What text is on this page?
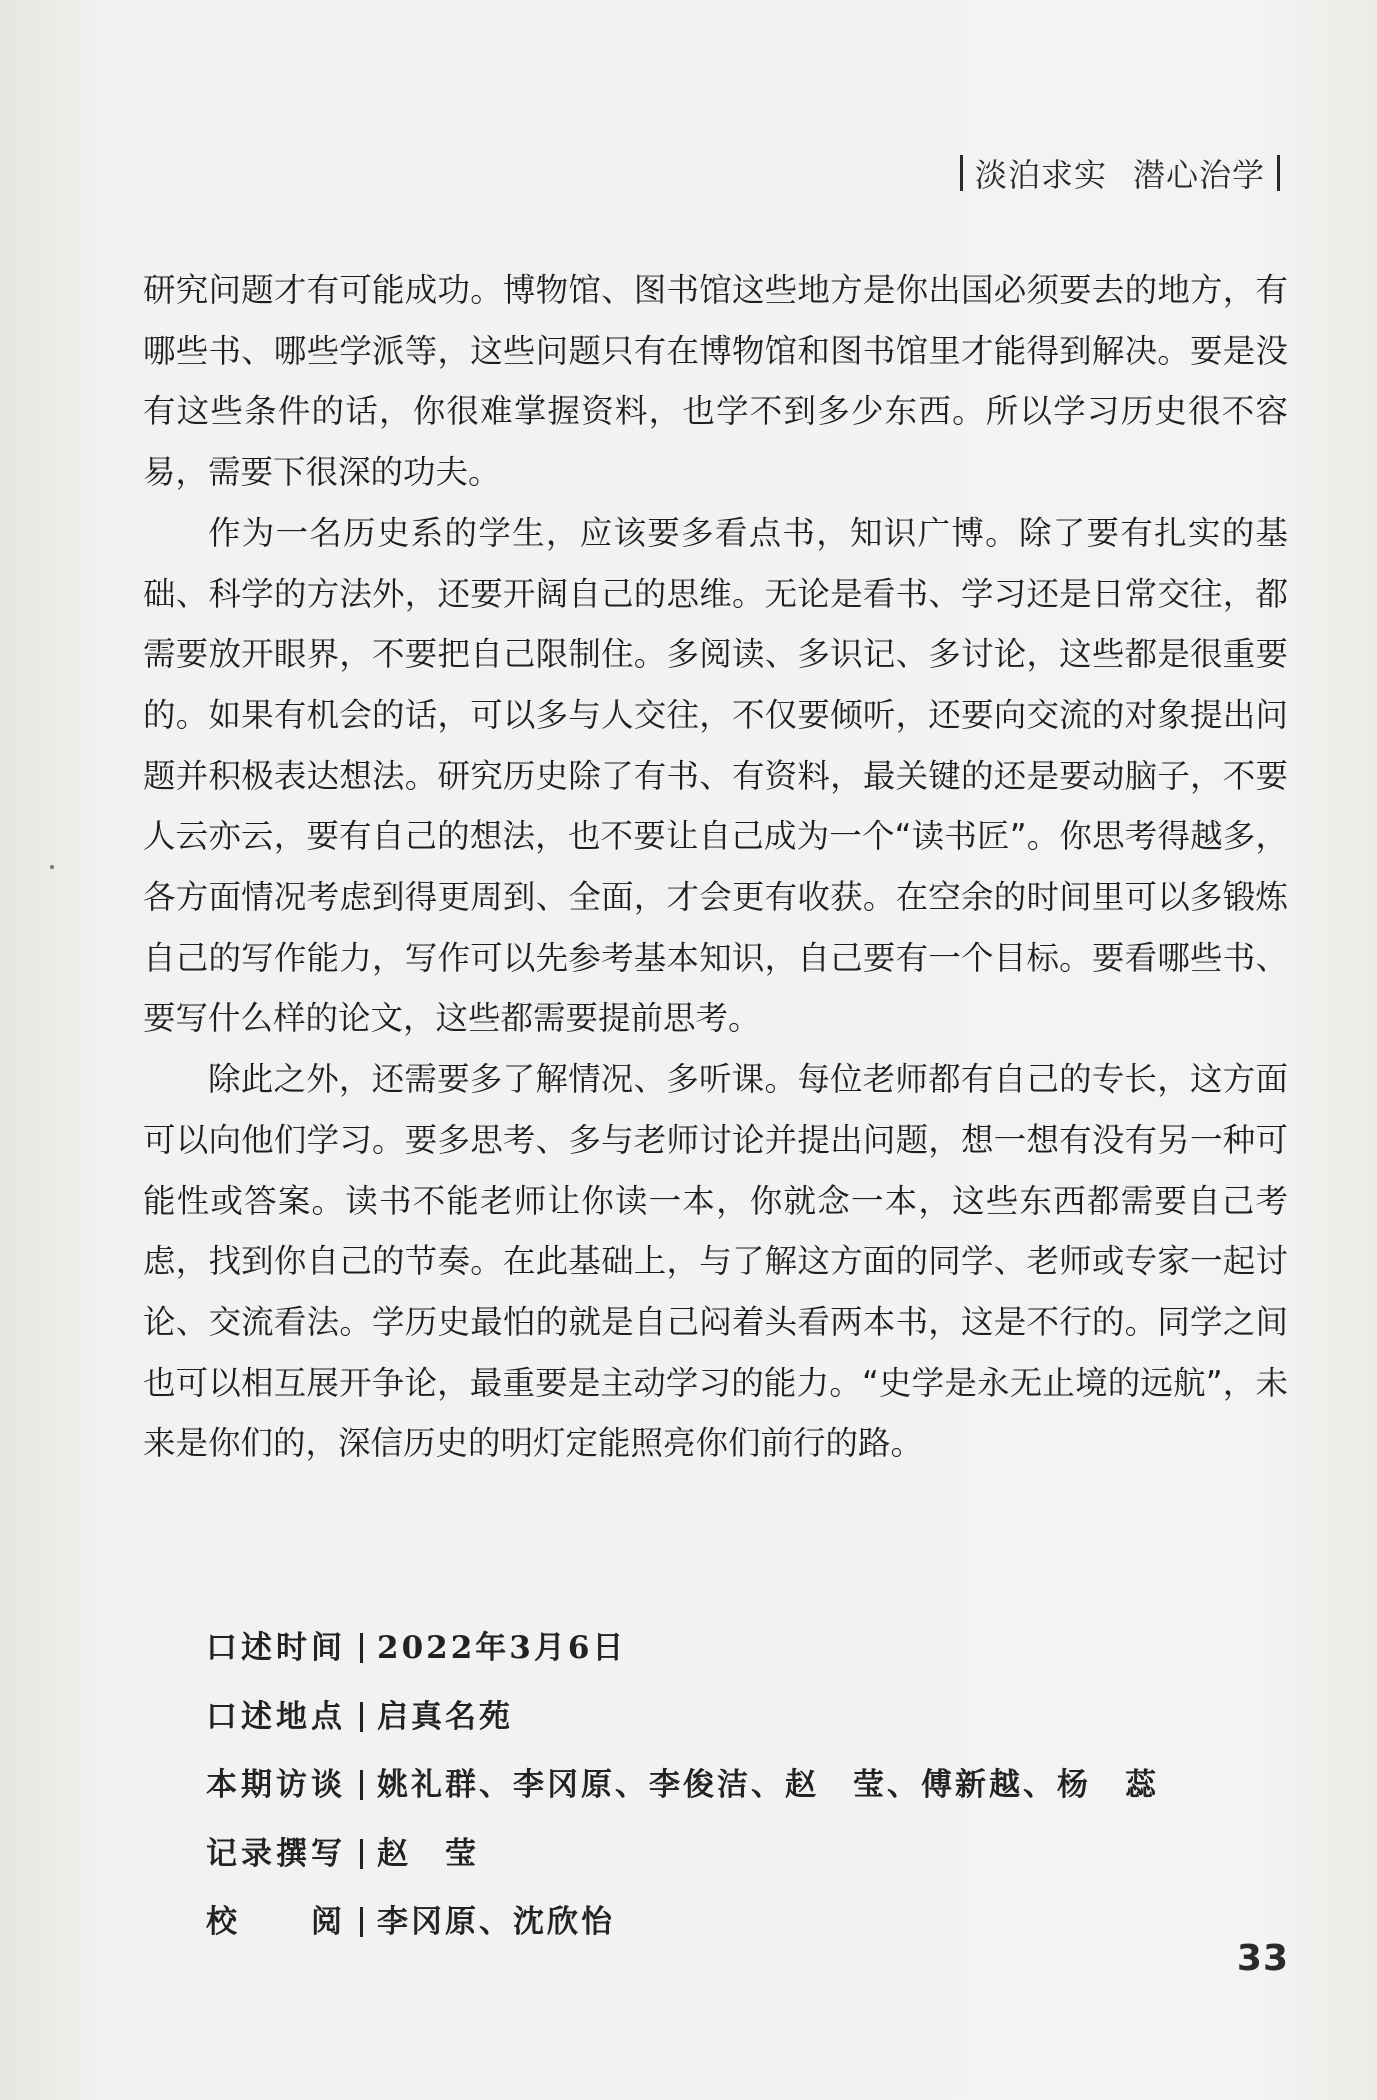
淡泊求实 潜心治学

研究问题才有可能成功。博物馆、图书馆这些地方是你出国必须要去的地方，有哪些书、哪些学派等，这些问题只有在博物馆和图书馆里才能得到解决。要是没有这些条件的话，你很难掌握资料，也学不到多少东西。所以学习历史很不容易，需要下很深的功夫。

作为一名历史系的学生，应该要多看点书，知识广博。除了要有扎实的基础、科学的方法外，还要开阔自己的思维。无论是看书、学习还是日常交往，都需要放开眼界，不要把自己限制住。多阅读、多识记、多讨论，这些都是很重要的。如果有机会的话，可以多与人交往，不仅要倾听，还要向交流的对象提出问题并积极表达想法。研究历史除了有书、有资料，最关键的还是要动脑子，不要人云亦云，要有自己的想法，也不要让自己成为一个“读书匠”。你思考得越多，各方面情况考虑到得更周到、全面，才会更有收获。在空余的时间里可以多锻炼自己的写作能力，写作可以先参考基本知识，自己要有一个目标。要看哪些书、要写什么样的论文，这些都需要提前思考。

除此之外，还需要多了解情况、多听课。每位老师都有自己的专长，这方面可以向他们学习。要多思考、多与老师讨论并提出问题，想一想有没有另一种可能性或答案。读书不能老师让你读一本，你就念一本，这些东西都需要自己考虑，找到你自己的节奏。在此基础上，与了解这方面的同学、老师或专家一起讨论、交流看法。学历史最怕的就是自己闷着头看两本书，这是不行的。同学之间也可以相互展开争论，最重要是主动学习的能力。“史学是永无止境的远航”，未来是你们的，深信历史的明灯定能照亮你们前行的路。

口述时间 2022年3月6日
口述地点 启真名苑
本期访谈 姚礼群、李冈原、李俊洁、赵　莹、傅新越、杨　蕊
记录撰写 赵　莹
校　　阅 李冈原、沈欣怡
33
